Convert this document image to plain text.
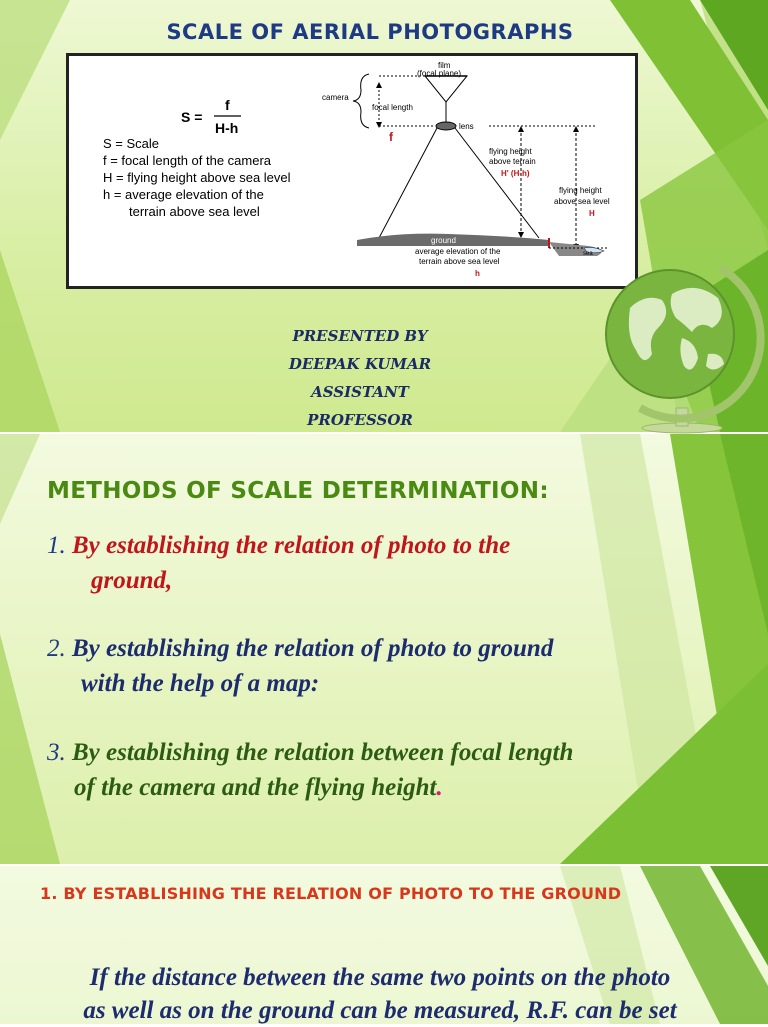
SCALE OF AERIAL PHOTOGRAPHS
S =
f
H-h
S = Scale
f = focal length of the camera
H = flying height above sea level
h = average elevation of the
terrain above sea level
film
(focal plane)
camera
focal length
f
lens
flying height
above terrain
H' (H-h)
flying height
above sea level
H
ground
sea
average elevation of the
terrain above sea level
h
PRESENTED BY
DEEPAK KUMAR
ASSISTANT PROFESSOR
METHODS OF SCALE DETERMINATION:
1. By establishing the relation of photo to the
ground,
2. By establishing the relation of photo to ground
with the help of a map:
3. By establishing the relation between focal length
of the camera and the flying height.
1. BY ESTABLISHING THE RELATION OF PHOTO TO THE GROUND
If the distance between the same two points on the photo
as well as on the ground can be measured, R.F. can be set
